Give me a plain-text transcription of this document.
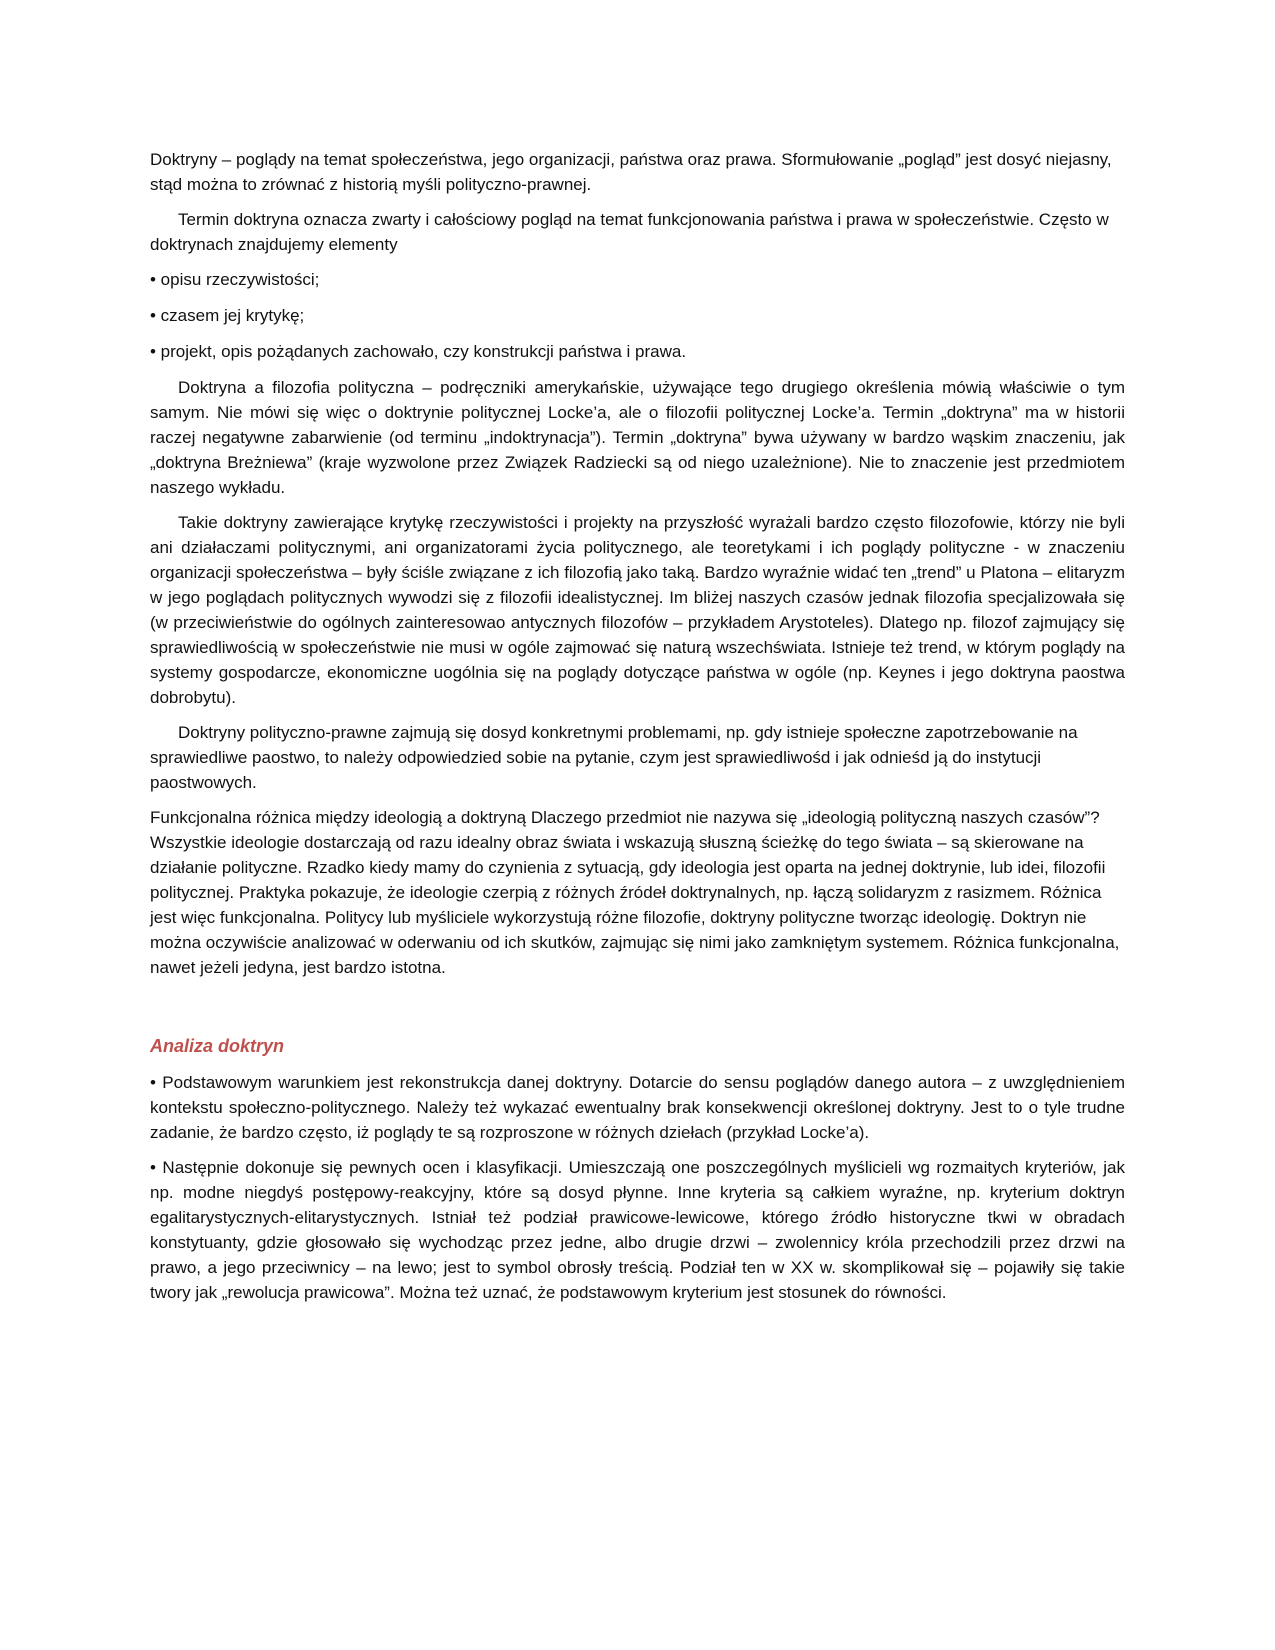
Doktryny – poglądy na temat społeczeństwa, jego organizacji, państwa oraz prawa. Sformułowanie „pogląd” jest dosyć niejasny, stąd można to zrównać z historią myśli polityczno-prawnej.

Termin doktryna oznacza zwarty i całościowy pogląd na temat funkcjonowania państwa i prawa w społeczeństwie. Często w doktrynach znajdujemy elementy

• opisu rzeczywistości;

• czasem jej krytykę;

• projekt, opis pożądanych zachowało, czy konstrukcji państwa i prawa.

Doktryna a filozofia polityczna – podręczniki amerykańskie, używające tego drugiego określenia mówią właściwie o tym samym. Nie mówi się więc o doktrynie politycznej Locke’a, ale o filozofii politycznej Locke’a. Termin „doktryna” ma w historii raczej negatywne zabarwienie (od terminu „indoktrynacja”). Termin „doktryna” bywa używany w bardzo wąskim znaczeniu, jak „doktryna Breżniewa” (kraje wyzwolone przez Związek Radziecki są od niego uzależnione). Nie to znaczenie jest przedmiotem naszego wykładu.

Takie doktryny zawierające krytykę rzeczywistości i projekty na przyszłość wyrażali bardzo często filozofowie, którzy nie byli ani działaczami politycznymi, ani organizatorami życia politycznego, ale teoretykami i ich poglądy polityczne - w znaczeniu organizacji społeczeństwa – były ściśle związane z ich filozofią jako taką. Bardzo wyraźnie widać ten „trend” u Platona – elitaryzm w jego poglądach politycznych wywodzi się z filozofii idealistycznej. Im bliżej naszych czasów jednak filozofia specjalizowała się (w przeciwieństwie do ogólnych zainteresowao antycznych filozofów – przykładem Arystoteles). Dlatego np. filozof zajmujący się sprawiedliwością w społeczeństwie nie musi w ogóle zajmować się naturą wszechświata. Istnieje też trend, w którym poglądy na systemy gospodarcze, ekonomiczne uogólnia się na poglądy dotyczące państwa w ogóle (np. Keynes i jego doktryna paostwa dobrobytu).

Doktryny polityczno-prawne zajmują się dosyd konkretnymi problemami, np. gdy istnieje społeczne zapotrzebowanie na sprawiedliwe paostwo, to należy odpowiedzied sobie na pytanie, czym jest sprawiedliwośd i jak odnieśd ją do instytucji paostwowych.

Funkcjonalna różnica między ideologią a doktryną Dlaczego przedmiot nie nazywa się „ideologią polityczną naszych czasów”? Wszystkie ideologie dostarczają od razu idealny obraz świata i wskazują słuszną ścieżkę do tego świata – są skierowane na działanie polityczne. Rzadko kiedy mamy do czynienia z sytuacją, gdy ideologia jest oparta na jednej doktrynie, lub idei, filozofii politycznej. Praktyka pokazuje, że ideologie czerpią z różnych źródeł doktrynalnych, np. łączą solidaryzm z rasizmem. Różnica jest więc funkcjonalna. Politycy lub myśliciele wykorzystują różne filozofie, doktryny polityczne tworząc ideologię. Doktryn nie można oczywiście analizować w oderwaniu od ich skutków, zajmując się nimi jako zamkniętym systemem. Różnica funkcjonalna, nawet jeżeli jedyna, jest bardzo istotna.

Analiza doktryn

• Podstawowym warunkiem jest rekonstrukcja danej doktryny. Dotarcie do sensu poglądów danego autora – z uwzględnieniem kontekstu społeczno-politycznego. Należy też wykazać ewentualny brak konsekwencji określonej doktryny. Jest to o tyle trudne zadanie, że bardzo często, iż poglądy te są rozproszone w różnych dziełach (przykład Locke’a).

• Następnie dokonuje się pewnych ocen i klasyfikacji. Umieszczają one poszczególnych myślicieli wg rozmaitych kryteriów, jak np. modne niegdyś postępowy-reakcyjny, które są dosyd płynne. Inne kryteria są całkiem wyraźne, np. kryterium doktryn egalitarystycznych-elitarystycznych. Istniał też podział prawicowe-lewicowe, którego źródło historyczne tkwi w obradach konstytuanty, gdzie głosowało się wychodząc przez jedne, albo drugie drzwi – zwolennicy króla przechodzili przez drzwi na prawo, a jego przeciwnicy – na lewo; jest to symbol obrosły treścią. Podział ten w XX w. skomplikował się – pojawiły się takie twory jak „rewolucja prawicowa”. Można też uznać, że podstawowym kryterium jest stosunek do równości.
